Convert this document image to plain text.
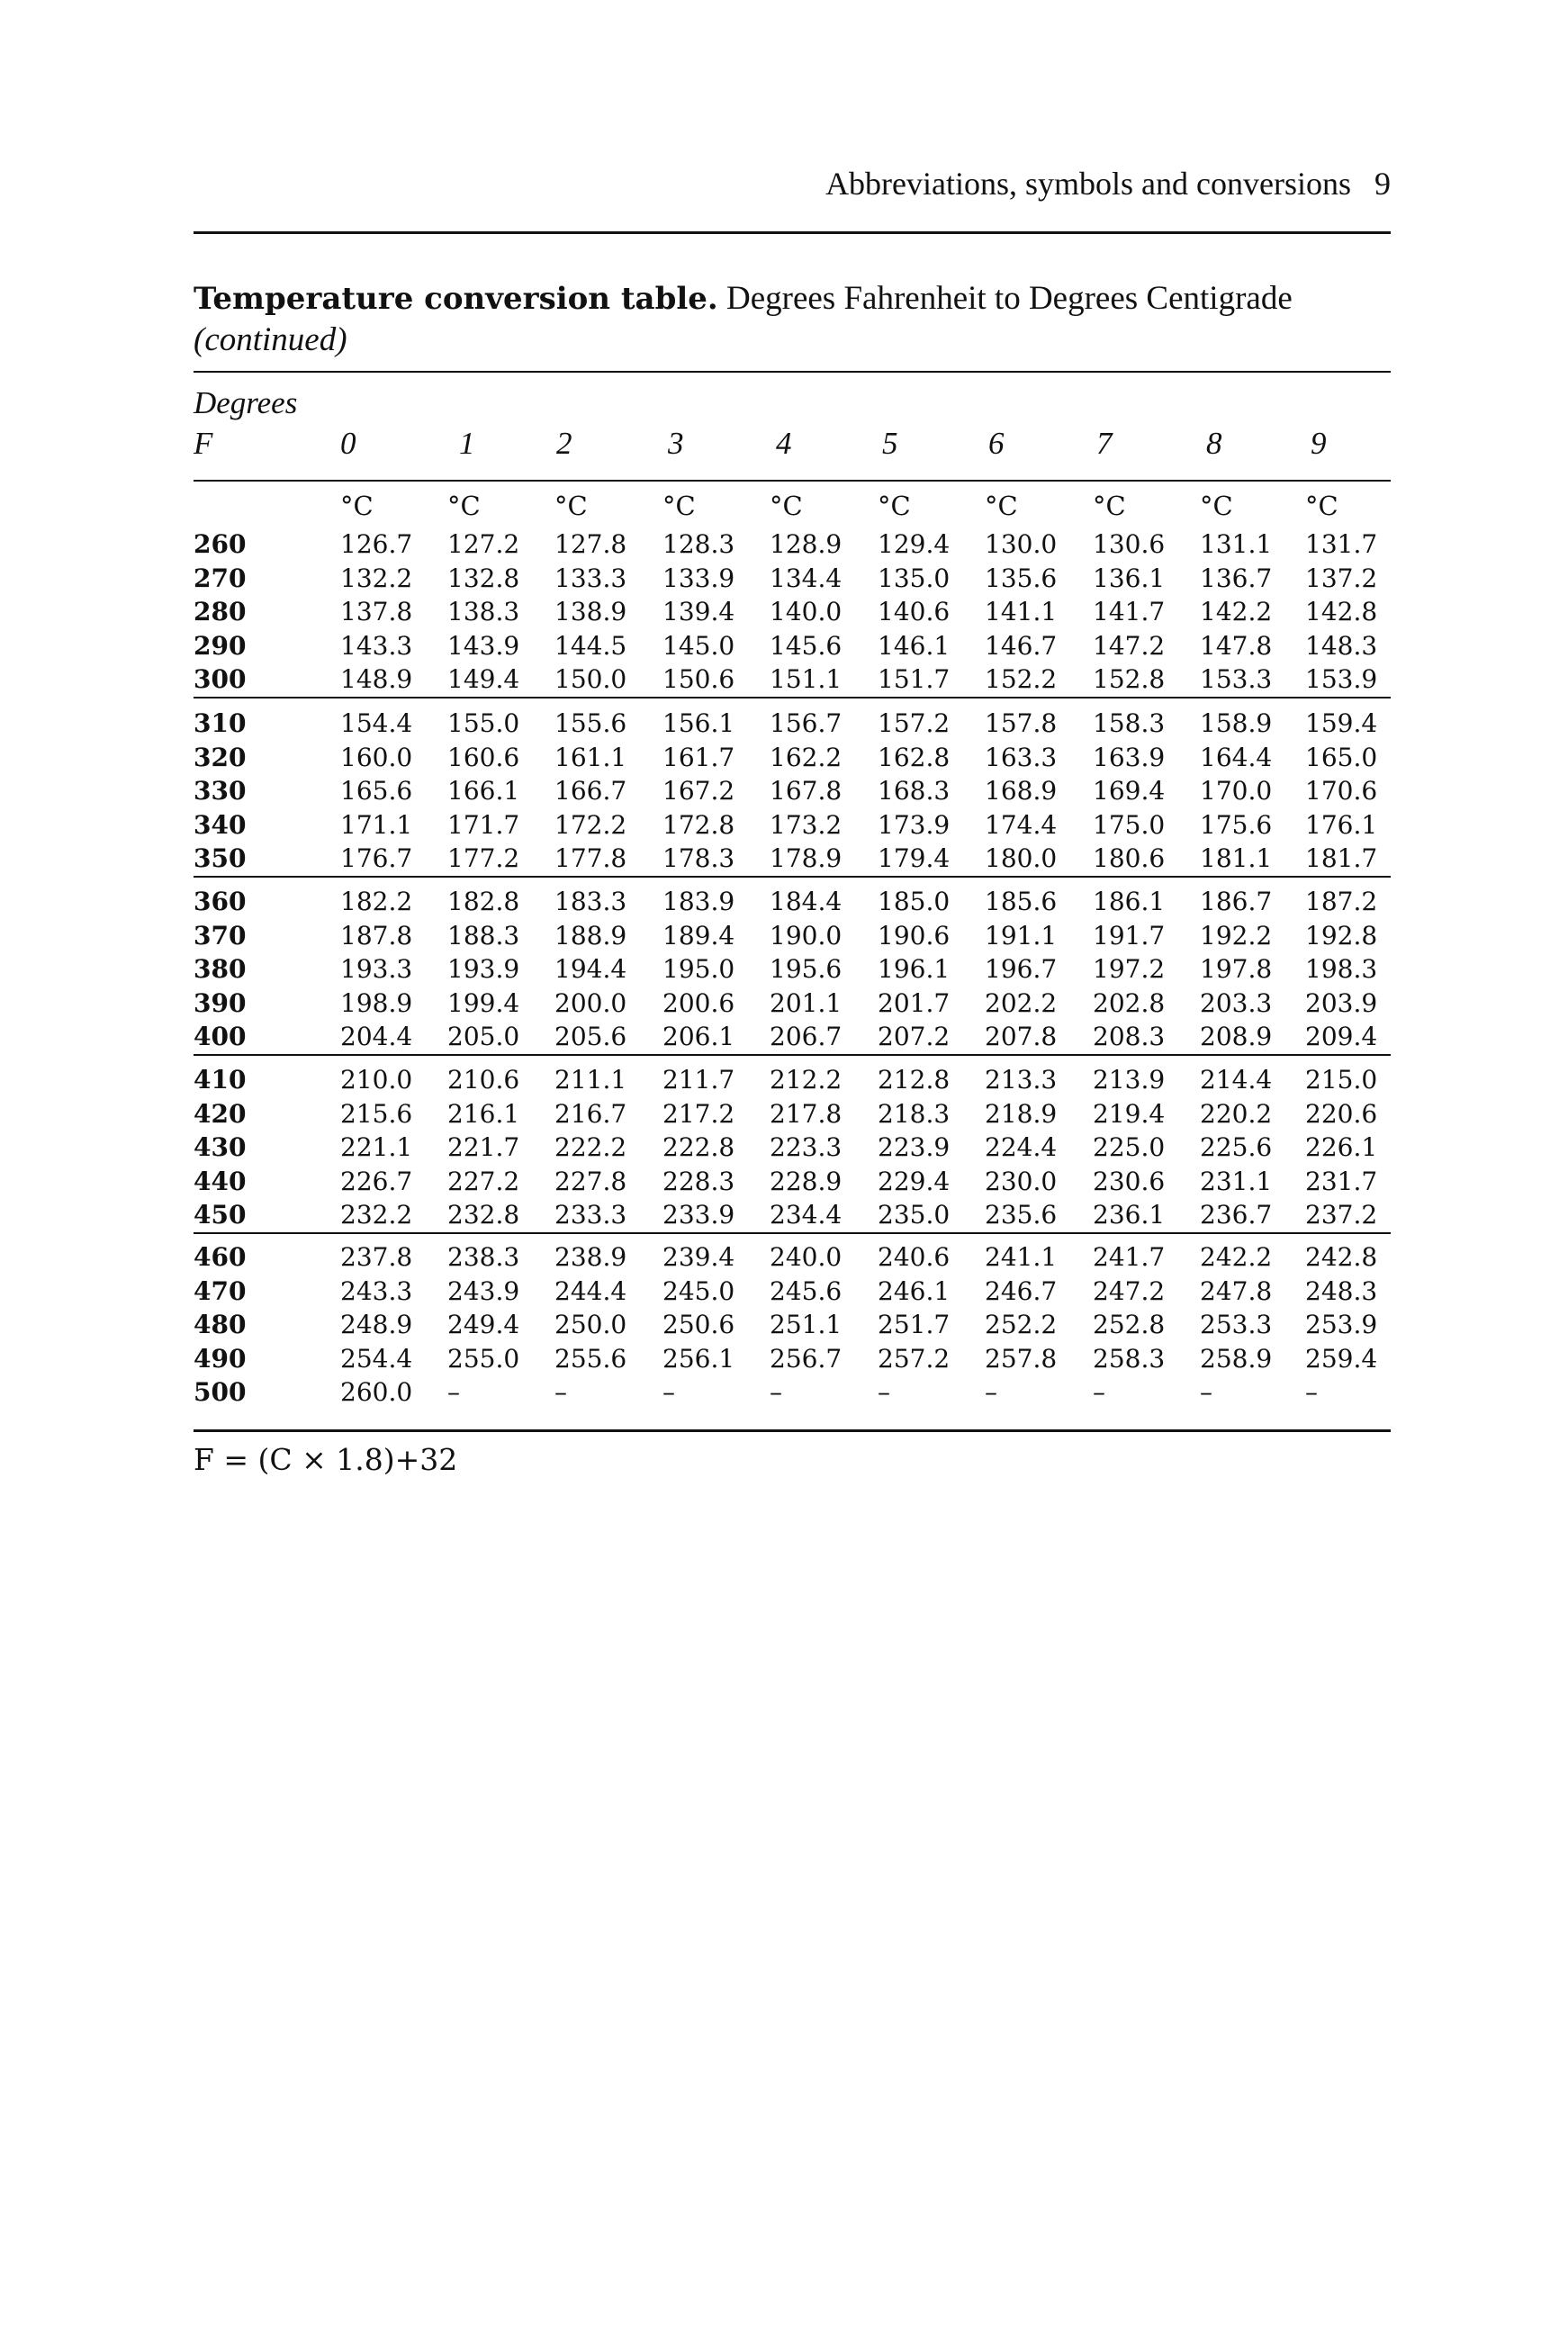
Abbreviations, symbols and conversions 9
Temperature conversion table. Degrees Fahrenheit to Degrees Centigrade (continued)
Degrees
F	0	1	2	3	4	5	6	7	8	9
°C	°C	°C	°C	°C	°C	°C	°C	°C	°C
260	126.7 127.2 127.8 128.3 128.9 129.4 130.0 130.6 131.1 131.7
270	132.2 132.8 133.3 133.9 134.4 135.0 135.6 136.1 136.7 137.2
280	137.8 138.3 138.9 139.4 140.0 140.6 141.1 141.7 142.2 142.8
290	143.3 143.9 144.5 145.0 145.6 146.1 146.7 147.2 147.8 148.3
300	148.9 149.4 150.0 150.6 151.1 151.7 152.2 152.8 153.3 153.9
310	154.4 155.0 155.6 156.1 156.7 157.2 157.8 158.3 158.9 159.4
320	160.0 160.6 161.1 161.7 162.2 162.8 163.3 163.9 164.4 165.0
330	165.6 166.1 166.7 167.2 167.8 168.3 168.9 169.4 170.0 170.6
340	171.1 171.7 172.2 172.8 173.2 173.9 174.4 175.0 175.6 176.1
350	176.7 177.2 177.8 178.3 178.9 179.4 180.0 180.6 181.1 181.7
360	182.2 182.8 183.3 183.9 184.4 185.0 185.6 186.1 186.7 187.2
370	187.8 188.3 188.9 189.4 190.0 190.6 191.1 191.7 192.2 192.8
380	193.3 193.9 194.4 195.0 195.6 196.1 196.7 197.2 197.8 198.3
390	198.9 199.4 200.0 200.6 201.1 201.7 202.2 202.8 203.3 203.9
400	204.4 205.0 205.6 206.1 206.7 207.2 207.8 208.3 208.9 209.4
410	210.0 210.6 211.1 211.7 212.2 212.8 213.3 213.9 214.4 215.0
420	215.6 216.1 216.7 217.2 217.8 218.3 218.9 219.4 220.2 220.6
430	221.1 221.7 222.2 222.8 223.3 223.9 224.4 225.0 225.6 226.1
440	226.7 227.2 227.8 228.3 228.9 229.4 230.0 230.6 231.1 231.7
450	232.2 232.8 233.3 233.9 234.4 235.0 235.6 236.1 236.7 237.2
460	237.8 238.3 238.9 239.4 240.0 240.6 241.1 241.7 242.2 242.8
470	243.3 243.9 244.4 245.0 245.6 246.1 246.7 247.2 247.8 248.3
480	248.9 249.4 250.0 250.6 251.1 251.7 252.2 252.8 253.3 253.9
490	254.4 255.0 255.6 256.1 256.7 257.2 257.8 258.3 258.9 259.4
500	260.0 –	–	–	–	–	–	–	–	–
F = (C × 1.8)+32
